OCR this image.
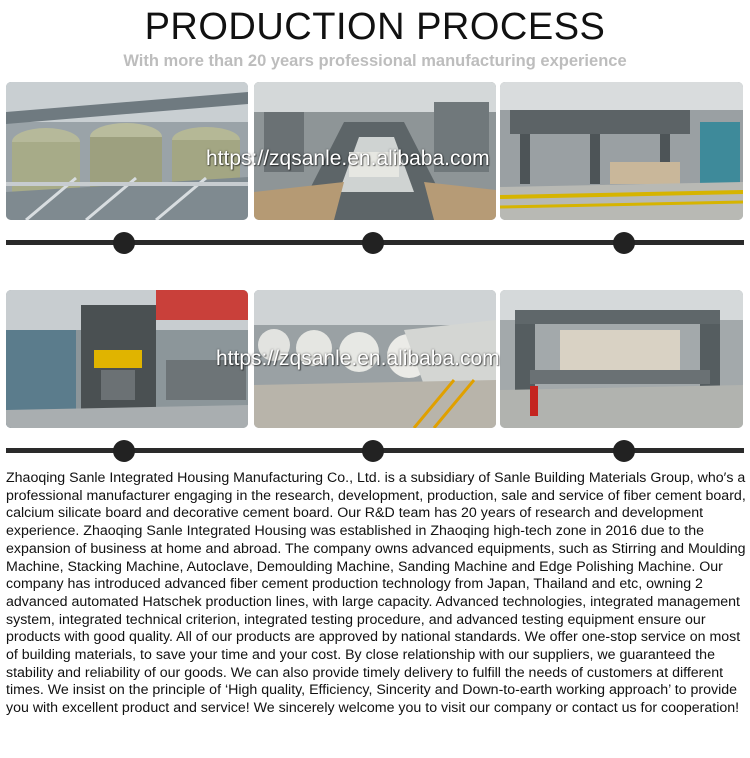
PRODUCTION PROCESS
With more than 20 years professional manufacturing experience
https://zqsanle.en.alibaba.com
https://zqsanle.en.alibaba.com
Zhaoqing Sanle Integrated Housing Manufacturing Co., Ltd. is a subsidiary of Sanle Building Materials Group, who′s a professional manufacturer engaging in the research, development, production, sale and service of fiber cement board, calcium silicate board and decorative cement board. Our R&D team has 20 years of research and development experience. Zhaoqing Sanle Integrated Housing was established in Zhaoqing high-tech zone in 2016 due to the expansion of business at home and abroad. The company owns advanced equipments, such as Stirring and Moulding Machine, Stacking Machine, Autoclave, Demoulding Machine, Sanding Machine and Edge Polishing Machine. Our company has introduced advanced fiber cement production technology from Japan, Thailand and etc, owning 2 advanced automated Hatschek production lines, with large capacity. Advanced technologies, integrated management system, integrated technical criterion, integrated testing procedure, and advanced testing equipment ensure our products with good quality. All of our products are approved by national standards. We offer one-stop service on most of building materials, to save your time and your cost. By close relationship with our suppliers, we guaranteed the stability and reliability of our goods. We can also provide timely delivery to fulfill the needs of customers at different times. We insist on the principle of ‘High quality, Efficiency, Sincerity and Down-to-earth working approach’ to provide you with excellent product and service! We sincerely welcome you to visit our company or contact us for cooperation!
